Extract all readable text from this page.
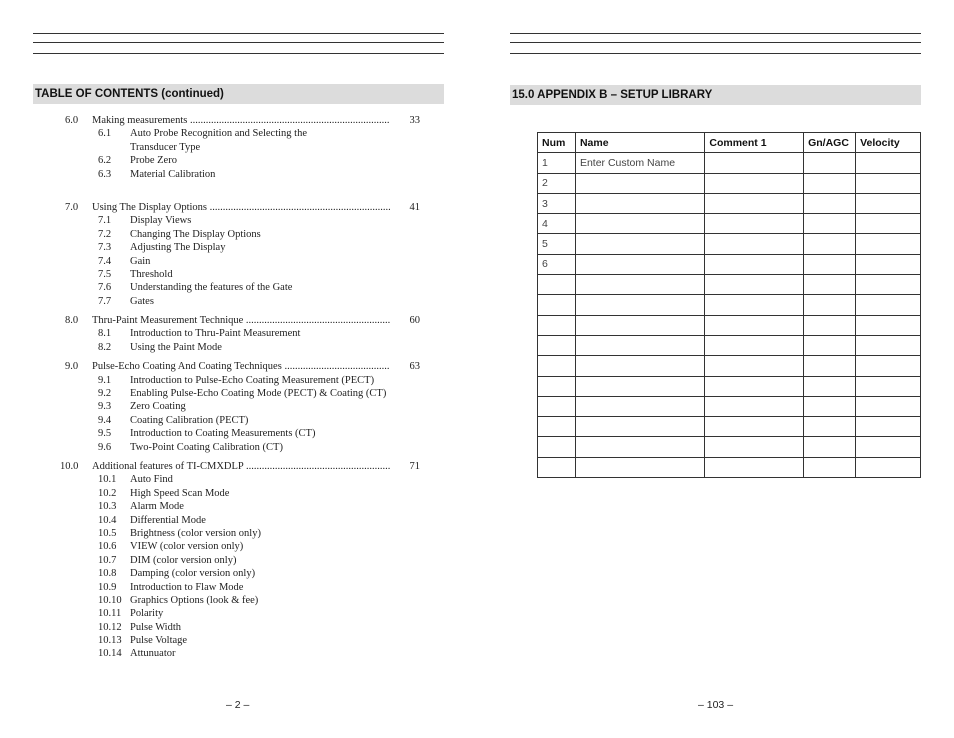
TABLE OF CONTENTS (continued)
6.0 Making measurements .....	33
6.1 Auto Probe Recognition and Selecting the Transducer Type
6.2 Probe Zero
6.3 Material Calibration
7.0 Using The Display Options .....	41
7.1 Display Views
7.2 Changing The Display Options
7.3 Adjusting The Display
7.4 Gain
7.5 Threshold
7.6 Understanding the features of the Gate
7.7 Gates
8.0 Thru-Paint Measurement Technique .....	60
8.1 Introduction to Thru-Paint Measurement
8.2 Using the Paint Mode
9.0 Pulse-Echo Coating And Coating Techniques .....	63
9.1 Introduction to Pulse-Echo Coating Measurement (PECT)
9.2 Enabling Pulse-Echo Coating Mode (PECT) & Coating (CT)
9.3 Zero Coating
9.4 Coating Calibration (PECT)
9.5 Introduction to Coating Measurements (CT)
9.6 Two-Point Coating Calibration (CT)
10.0 Additional features of TI-CMXDLP .....	71
10.1 Auto Find
10.2 High Speed Scan Mode
10.3 Alarm Mode
10.4 Differential Mode
10.5 Brightness (color version only)
10.6 VIEW (color version only)
10.7 DIM (color version only)
10.8 Damping (color version only)
10.9 Introduction to Flaw Mode
10.10 Graphics Options (look & fee)
10.11 Polarity
10.12 Pulse Width
10.13 Pulse Voltage
10.14 Attunuator
– 2 –
15.0 APPENDIX B – SETUP LIBRARY
Num	Name	Comment 1	Gn/AGC	Velocity
1	Enter Custom Name			
2				
3				
4				
5				
6				

– 103 –
